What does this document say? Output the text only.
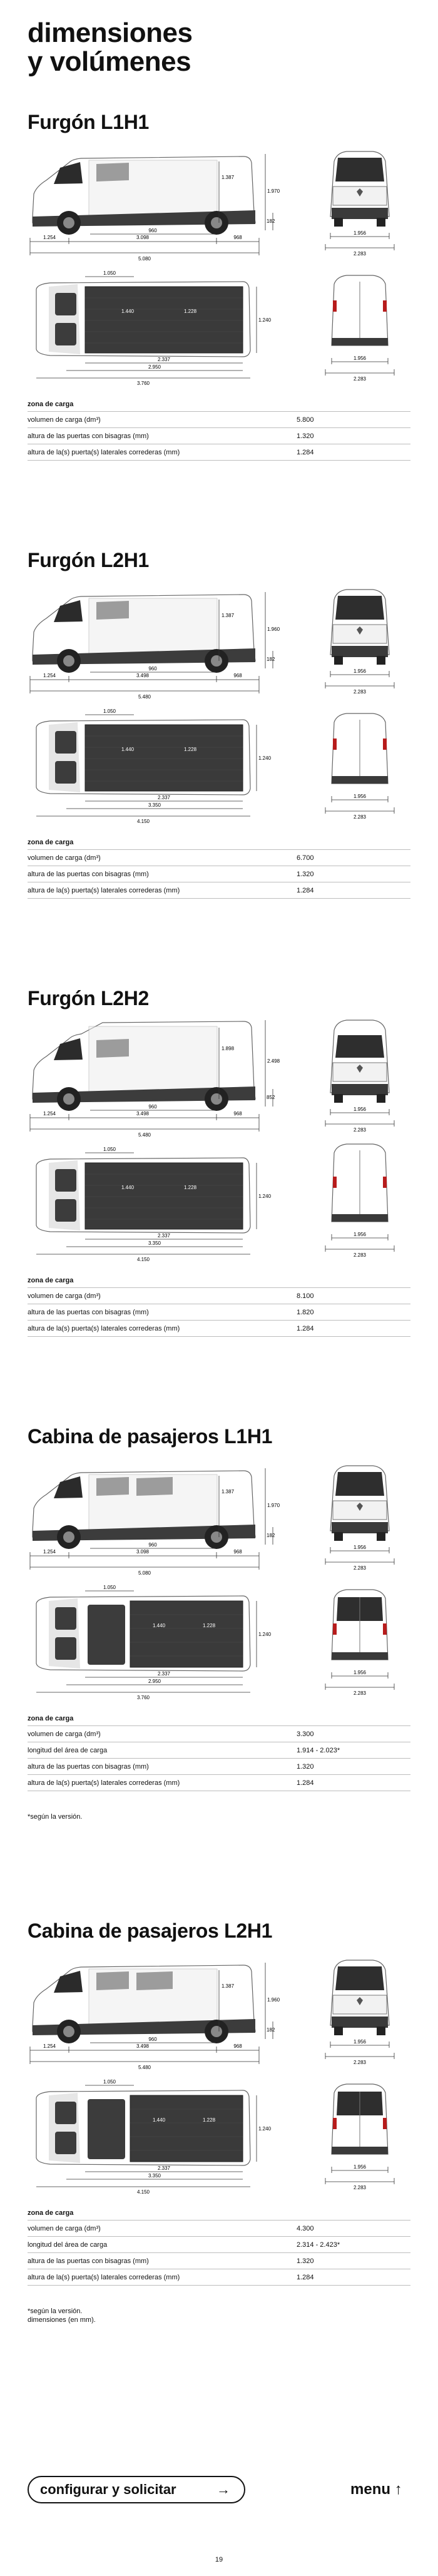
dimensiones
y volúmenes
Furgón L1H1
1.254	3.098	968
5.080
960
1.970
182
1.387
1.956
2.283
2.337
2.950
3.760
1.050
1.240
1.440	1.228
1.956
2.283
zona de carga
volumen de carga (dm³)	5.800
altura de las puertas con bisagras (mm)	1.320
altura de la(s) puerta(s) laterales correderas (mm)	1.284
Furgón L2H1
1.254	3.498	968
5.480
960
1.960
182
1.387
1.956
2.283
2.337
3.350
4.150
1.050
1.240
1.440	1.228
1.956
2.283
zona de carga
volumen de carga (dm³)	6.700
altura de las puertas con bisagras (mm)	1.320
altura de la(s) puerta(s) laterales correderas (mm)	1.284
Furgón L2H2
1.254	3.498	968
5.480
960
2.498
852
1.898
1.956
2.283
2.337
3.350
4.150
1.050
1.240
1.440	1.228
1.956
2.283
zona de carga
volumen de carga (dm³)	8.100
altura de las puertas con bisagras (mm)	1.820
altura de la(s) puerta(s) laterales correderas (mm)	1.284
Cabina de pasajeros L1H1
1.254	3.098	968
5.080
960
1.970
182
1.387
1.956
2.283
2.337
2.950
3.760
1.050
1.240
1.440	1.228
1.956
2.283
zona de carga
volumen de carga (dm³)	3.300
longitud del área de carga	1.914 - 2.023*
altura de las puertas con bisagras (mm)	1.320
altura de la(s) puerta(s) laterales correderas (mm)	1.284
*según la versión.
Cabina de pasajeros L2H1
1.254	3.498	968
5.480
960
1.960
182
1.387
1.956
2.283
2.337
3.350
4.150
1.050
1.240
1.440	1.228
1.956
2.283
zona de carga
volumen de carga (dm³)	4.300
longitud del área de carga	2.314 - 2.423*
altura de las puertas con bisagras (mm)	1.320
altura de la(s) puerta(s) laterales correderas (mm)	1.284
*según la versión.
dimensiones (en mm).
configurar y solicitar	→	menu ↑
19
